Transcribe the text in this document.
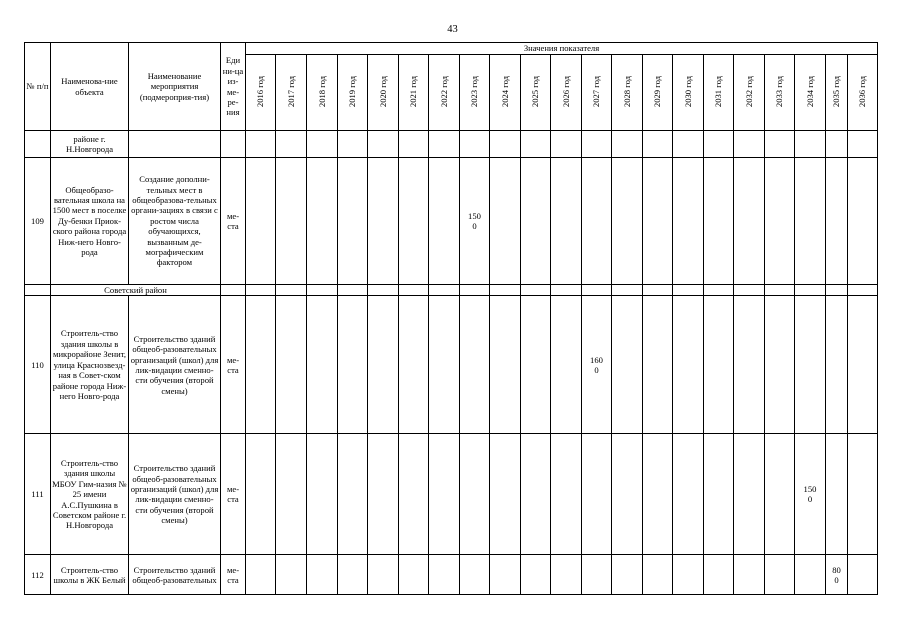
43
№ п/п	Наименова-ние объекта	Наименование мероприятия (подмероприя-тия)	Еди ни-ца из-ме-ре-ния	Значения показателя																				
				2016 год	2017 год	2018 год	2019 год	2020 год	2021 год	2022 год	2023 год	2024 год	2025 год	2026 год	2027 год	2028 год	2029 год	2030 год	2031 год	2032 год	2033 год	2034 год	2035 год	2036 год

	районе г. Н.Новгорода																							

109	Общеобразо-вательная школа на 1500 мест в поселке Ду-бенки Приок-ского района города Ниж-него Новго-рода	Создание дополни-тельных мест в общеобразова-тельных органи-зациях в связи с ростом числа обучающихся, вызванным де-мографическим фактором	ме-ста								150 0													

	Советский район																							

110	Строитель-ство здания школы в микрорайоне Зенит, улица Краснозвезд-ная в Совет-ском районе города Ниж-него Новго-рода	Строительство зданий общеоб-разовательных организаций (школ) для лик-видации сменно-сти обучения (второй смены)	ме-ста												160 0									

111	Строитель-ство здания школы МБОУ Гим-назия № 25 имени А.С.Пушкина в Советском районе г. Н.Новгорода	Строительство зданий общеоб-разовательных организаций (школ) для лик-видации сменно-сти обучения (второй смены)	ме-ста																			150 0		

112	Строитель-ство школы в ЖК Белый	Строительство зданий общеоб-разовательных	ме-ста																				80 0	
